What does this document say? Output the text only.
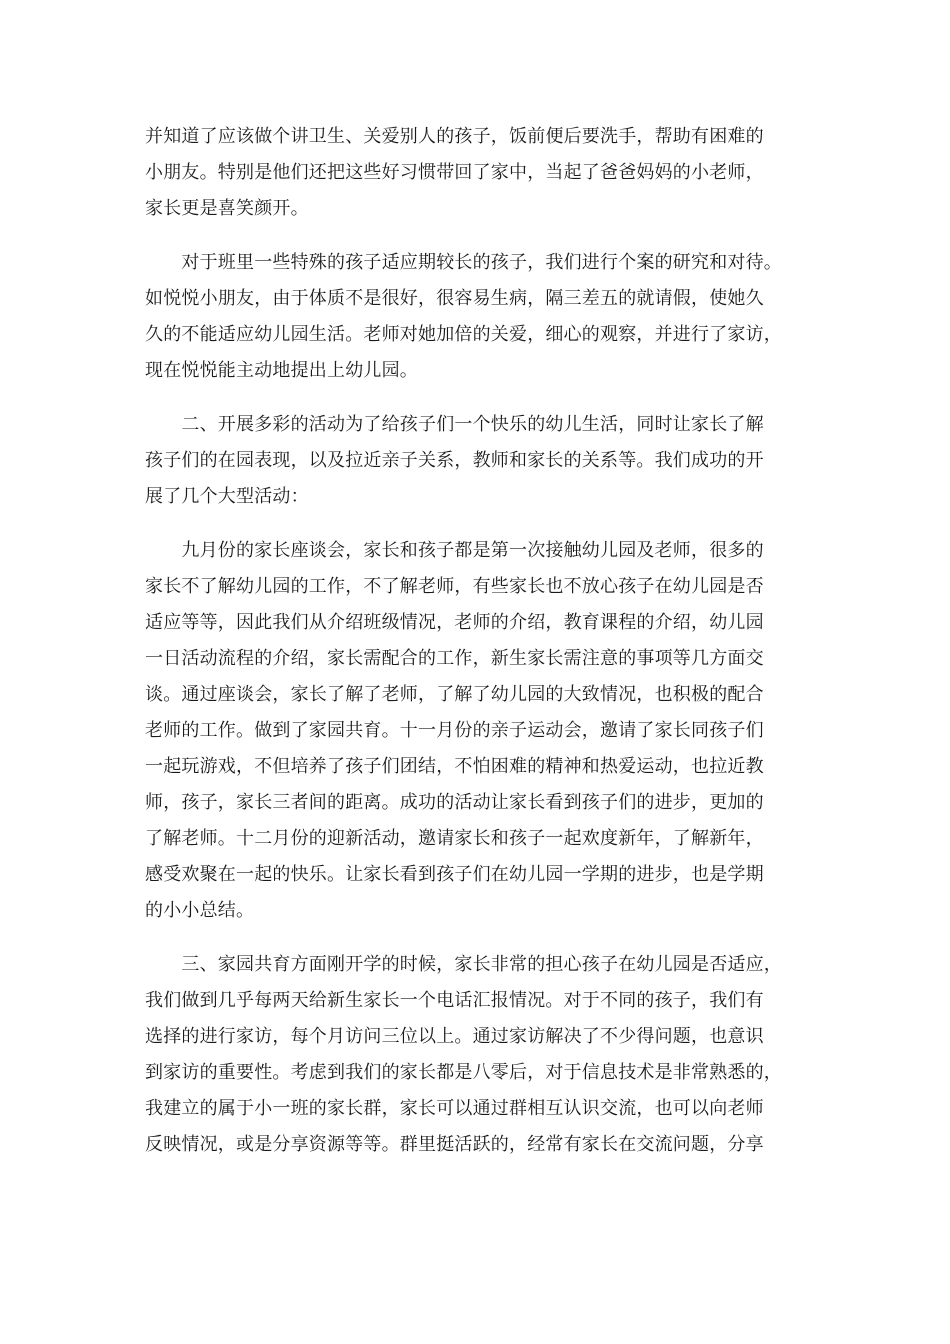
并知道了应该做个讲卫生、关爱别人的孩子，饭前便后要洗手，帮助有困难的
小朋友。特别是他们还把这些好习惯带回了家中，当起了爸爸妈妈的小老师，
家长更是喜笑颜开。
　　对于班里一些特殊的孩子适应期较长的孩子，我们进行个案的研究和对待。
如悦悦小朋友，由于体质不是很好，很容易生病，隔三差五的就请假，使她久
久的不能适应幼儿园生活。老师对她加倍的关爱，细心的观察，并进行了家访，
现在悦悦能主动地提出上幼儿园。
　　二、开展多彩的活动为了给孩子们一个快乐的幼儿生活，同时让家长了解
孩子们的在园表现，以及拉近亲子关系，教师和家长的关系等。我们成功的开
展了几个大型活动：
　　九月份的家长座谈会，家长和孩子都是第一次接触幼儿园及老师，很多的
家长不了解幼儿园的工作，不了解老师，有些家长也不放心孩子在幼儿园是否
适应等等，因此我们从介绍班级情况，老师的介绍，教育课程的介绍，幼儿园
一日活动流程的介绍，家长需配合的工作，新生家长需注意的事项等几方面交
谈。通过座谈会，家长了解了老师，了解了幼儿园的大致情况，也积极的配合
老师的工作。做到了家园共育。十一月份的亲子运动会，邀请了家长同孩子们
一起玩游戏，不但培养了孩子们团结，不怕困难的精神和热爱运动，也拉近教
师，孩子，家长三者间的距离。成功的活动让家长看到孩子们的进步，更加的
了解老师。十二月份的迎新活动，邀请家长和孩子一起欢度新年，了解新年，
感受欢聚在一起的快乐。让家长看到孩子们在幼儿园一学期的进步，也是学期
的小小总结。
　　三、家园共育方面刚开学的时候，家长非常的担心孩子在幼儿园是否适应，
我们做到几乎每两天给新生家长一个电话汇报情况。对于不同的孩子，我们有
选择的进行家访，每个月访问三位以上。通过家访解决了不少得问题，也意识
到家访的重要性。考虑到我们的家长都是八零后，对于信息技术是非常熟悉的，
我建立的属于小一班的家长群，家长可以通过群相互认识交流，也可以向老师
反映情况，或是分享资源等等。群里挺活跃的，经常有家长在交流问题，分享
